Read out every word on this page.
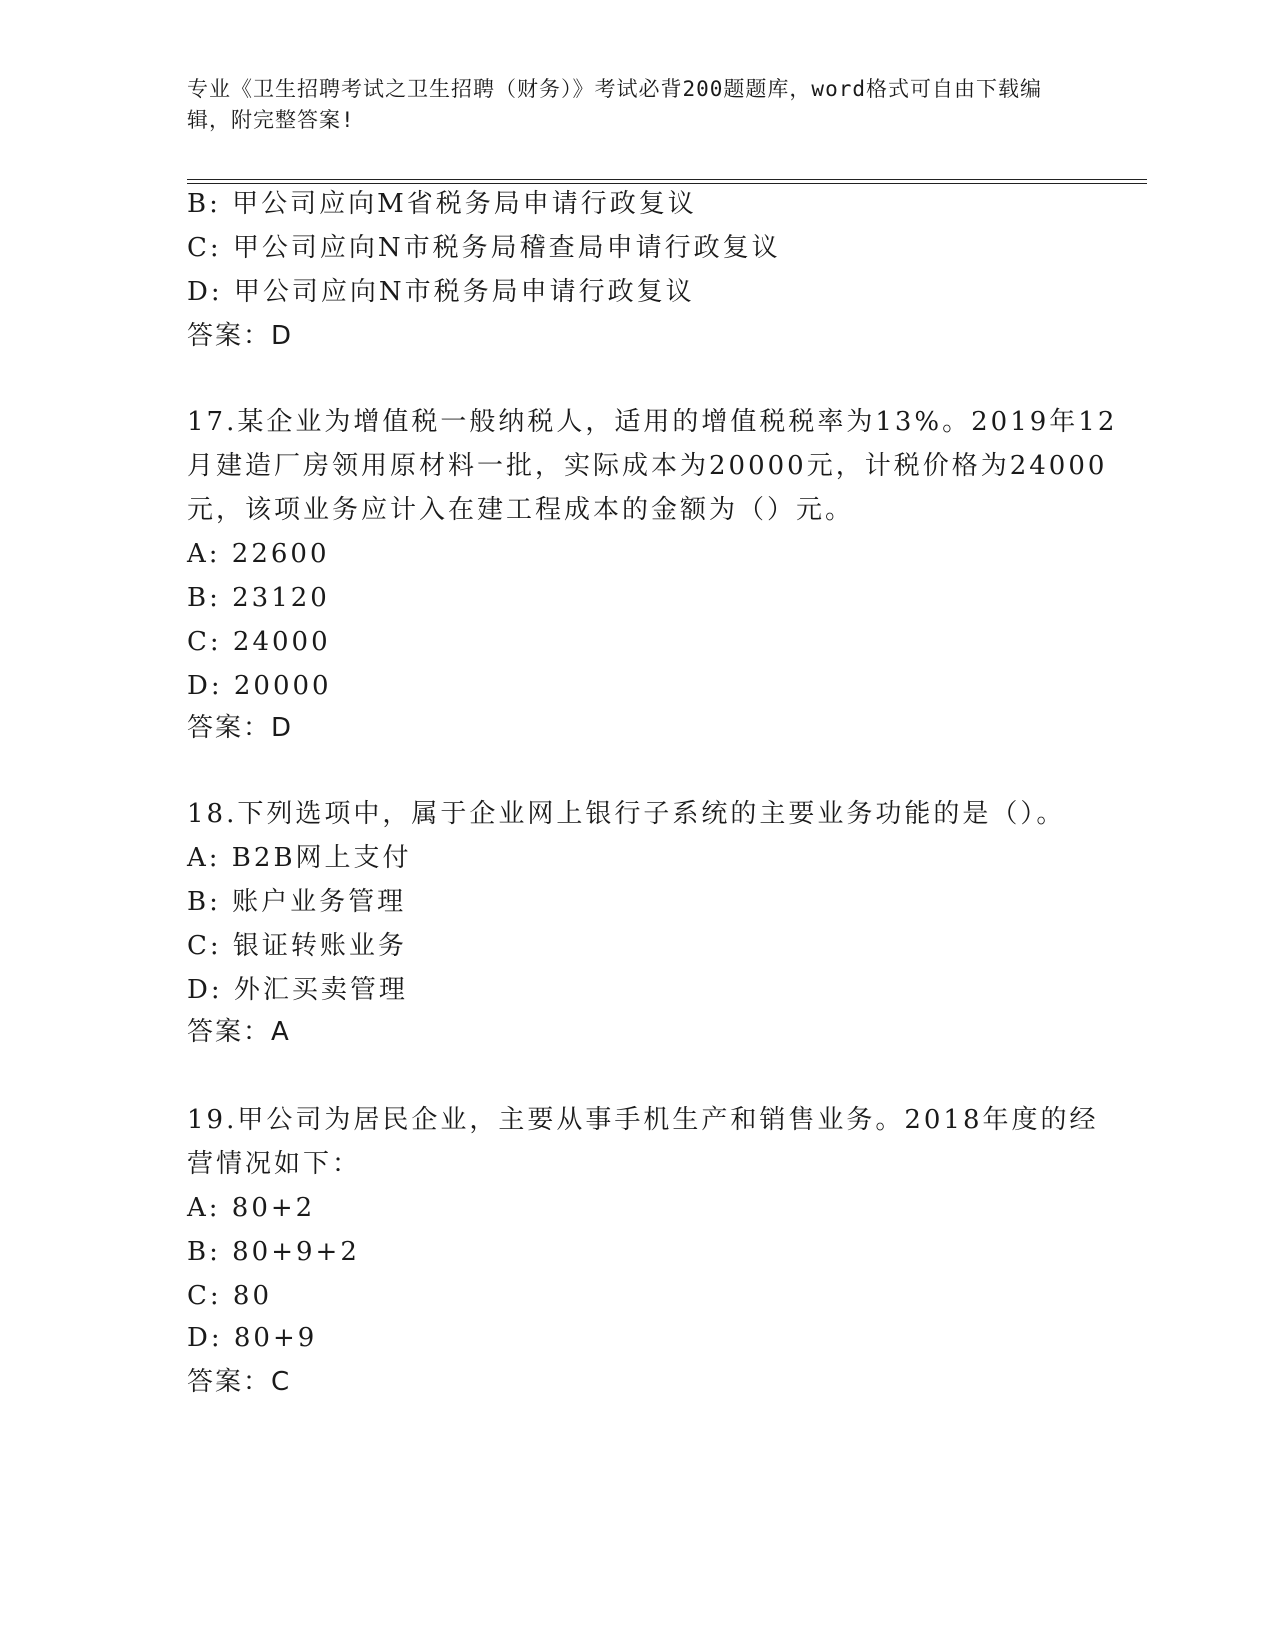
专业《卫生招聘考试之卫生招聘（财务）》考试必背200题题库，word格式可自由下载编辑，附完整答案!
B: 甲公司应向M省税务局申请行政复议
C: 甲公司应向N市税务局稽查局申请行政复议
D: 甲公司应向N市税务局申请行政复议
答案：D
17.某企业为增值税一般纳税人，适用的增值税税率为13%。2019年12
月建造厂房领用原材料一批，实际成本为20000元，计税价格为24000
元，该项业务应计入在建工程成本的金额为（）元。
A: 22600
B: 23120
C: 24000
D: 20000
答案：D
18.下列选项中，属于企业网上银行子系统的主要业务功能的是（）。
A: B2B网上支付
B: 账户业务管理
C: 银证转账业务
D: 外汇买卖管理
答案：A
19.甲公司为居民企业，主要从事手机生产和销售业务。2018年度的经
营情况如下：
A: 80+2
B: 80+9+2
C: 80
D: 80+9
答案：C
